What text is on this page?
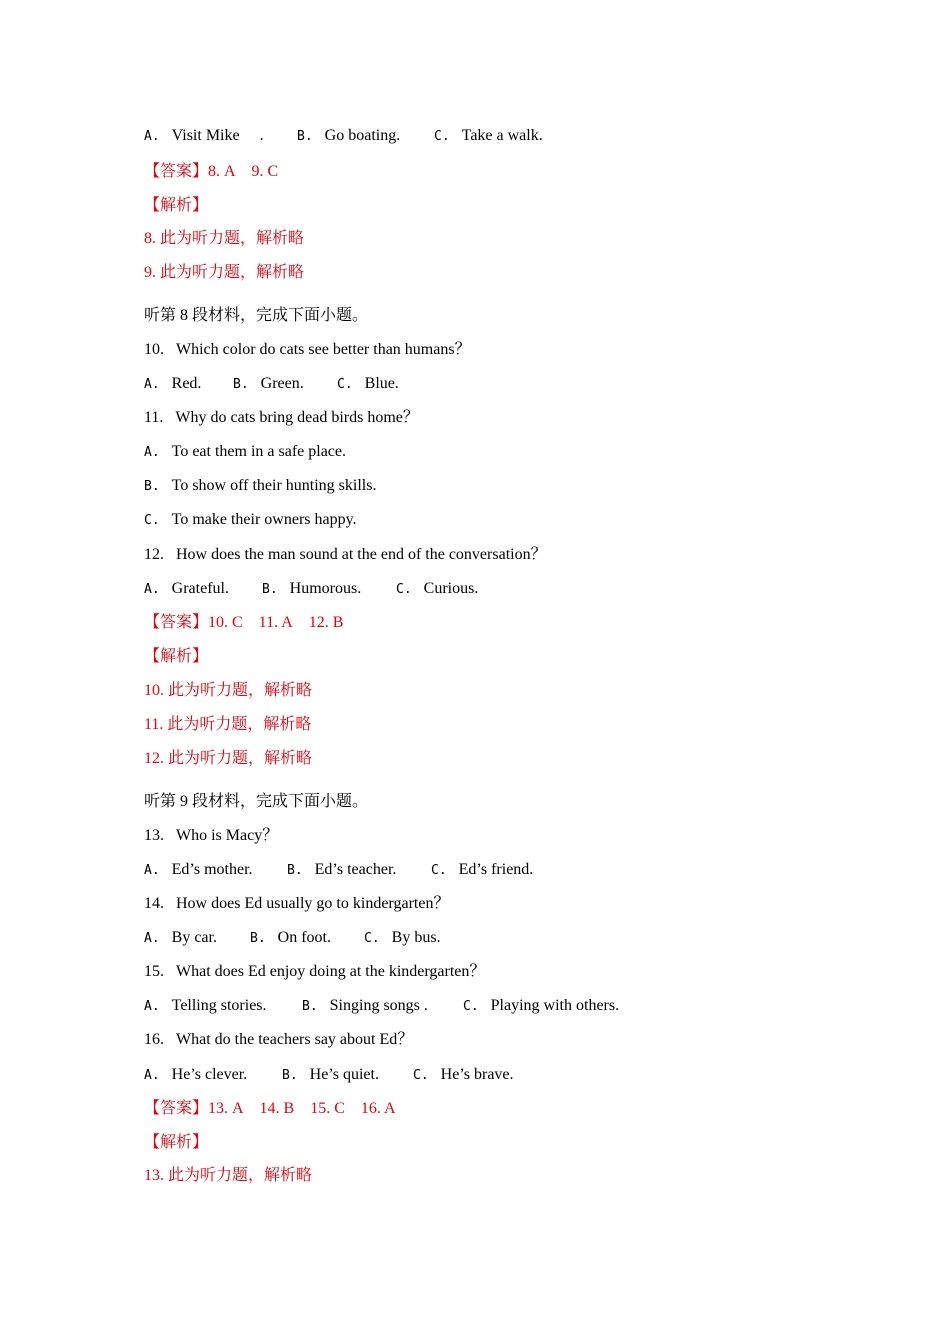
A. Visit Mike     .	B. Go boating.	C. Take a walk.
【答案】8. A    9. C
【解析】
8. 此为听力题，解析略
9. 此为听力题，解析略
听第 8 段材料，完成下面小题。
10. Which color do cats see better than humans？
A. Red. B. Green.	C. Blue.
11. Why do cats bring dead birds home？
A. To eat them in a safe place.
B. To show off their hunting skills.
C. To make their owners happy.
12. How does the man sound at the end of the conversation？
A. Grateful.	B. Humorous.	C. Curious.
【答案】10. C    11. A    12. B
【解析】
10. 此为听力题，解析略
11. 此为听力题，解析略
12. 此为听力题，解析略
听第 9 段材料，完成下面小题。
13. Who is Macy？
A. Ed’s mother.	B. Ed’s teacher.	C. Ed’s friend.
14. How does Ed usually go to kindergarten？
A. By car.	B. On foot.	C. By bus.
15. What does Ed enjoy doing at the kindergarten？
A. Telling stories.	B. Singing songs .	C. Playing with others.
16. What do the teachers say about Ed？
A. He’s clever.	B. He’s quiet.	C. He’s brave.
【答案】13. A    14. B    15. C    16. A
【解析】
13. 此为听力题，解析略
